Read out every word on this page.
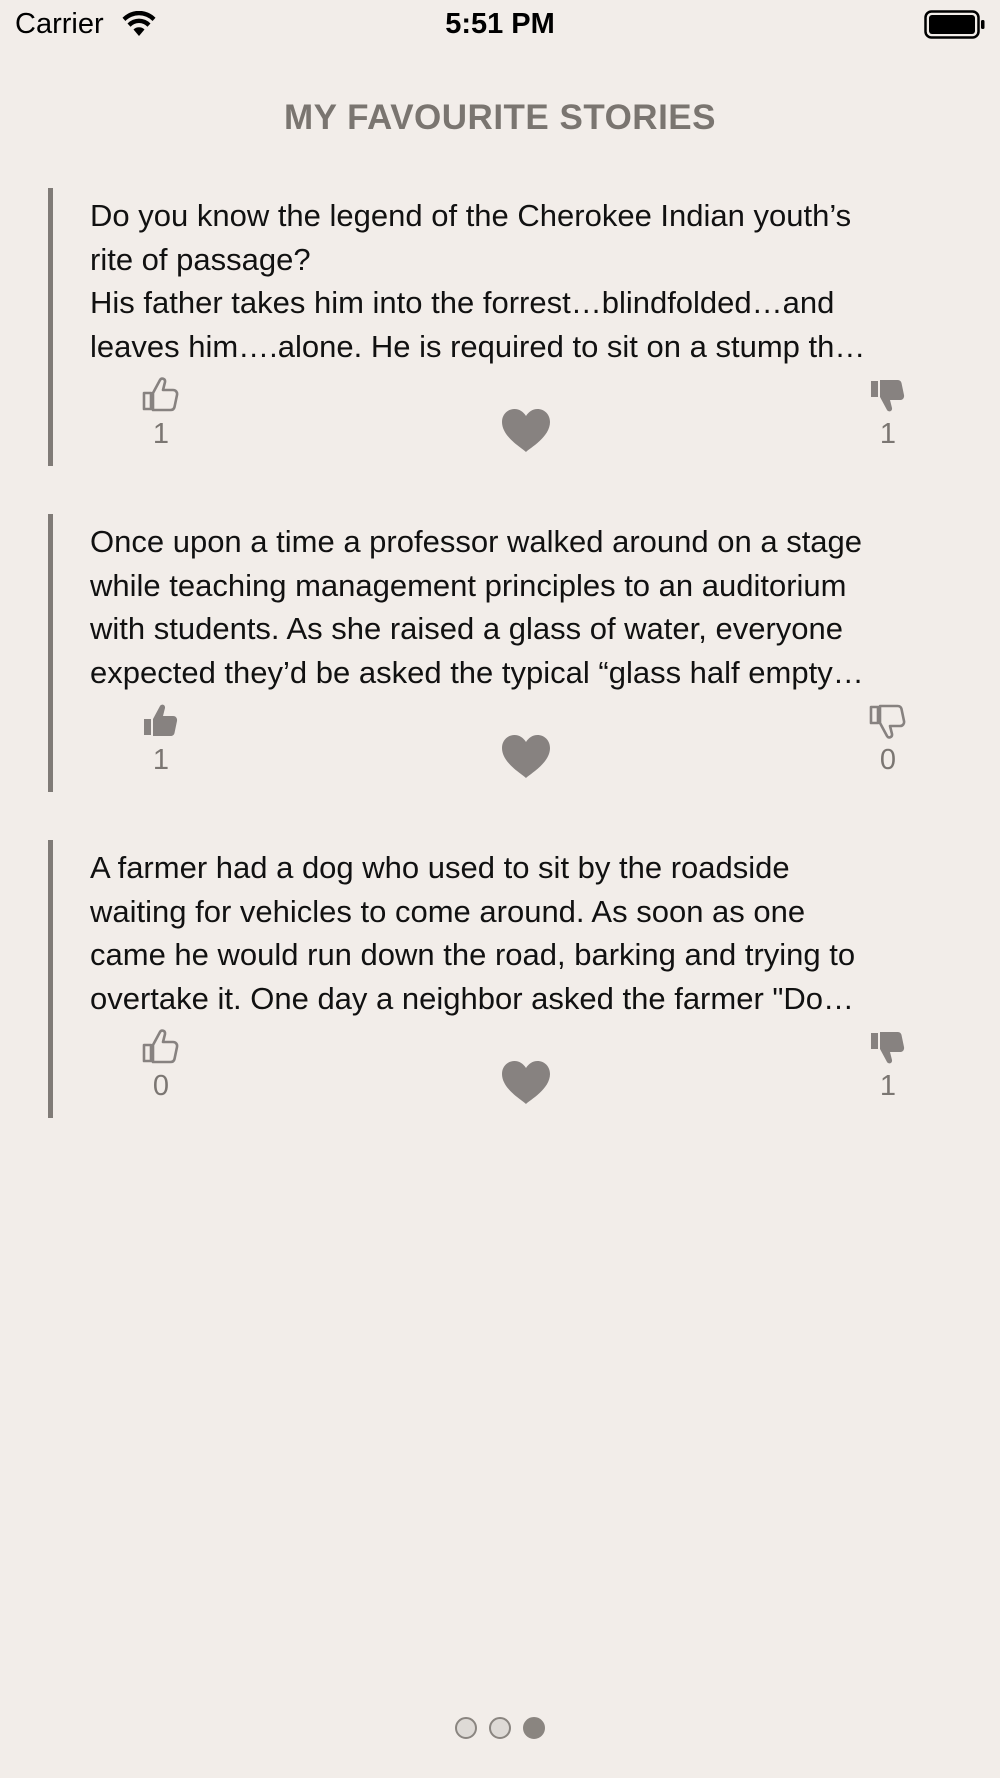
Carrier	5:51 PM
MY FAVOURITE STORIES
Do you know the legend of the Cherokee Indian youth’s
rite of passage?
His father takes him into the forrest…blindfolded…and
leaves him….alone. He is required to sit on a stump th…
1	1
Once upon a time a professor walked around on a stage
while teaching management principles to an auditorium
with students. As she raised a glass of water, everyone
expected they’d be asked the typical “glass half empty…
1	0
A farmer had a dog who used to sit by the roadside
waiting for vehicles to come around. As soon as one
came he would run down the road, barking and trying to
overtake it. One day a neighbor asked the farmer "Do…
0	1
